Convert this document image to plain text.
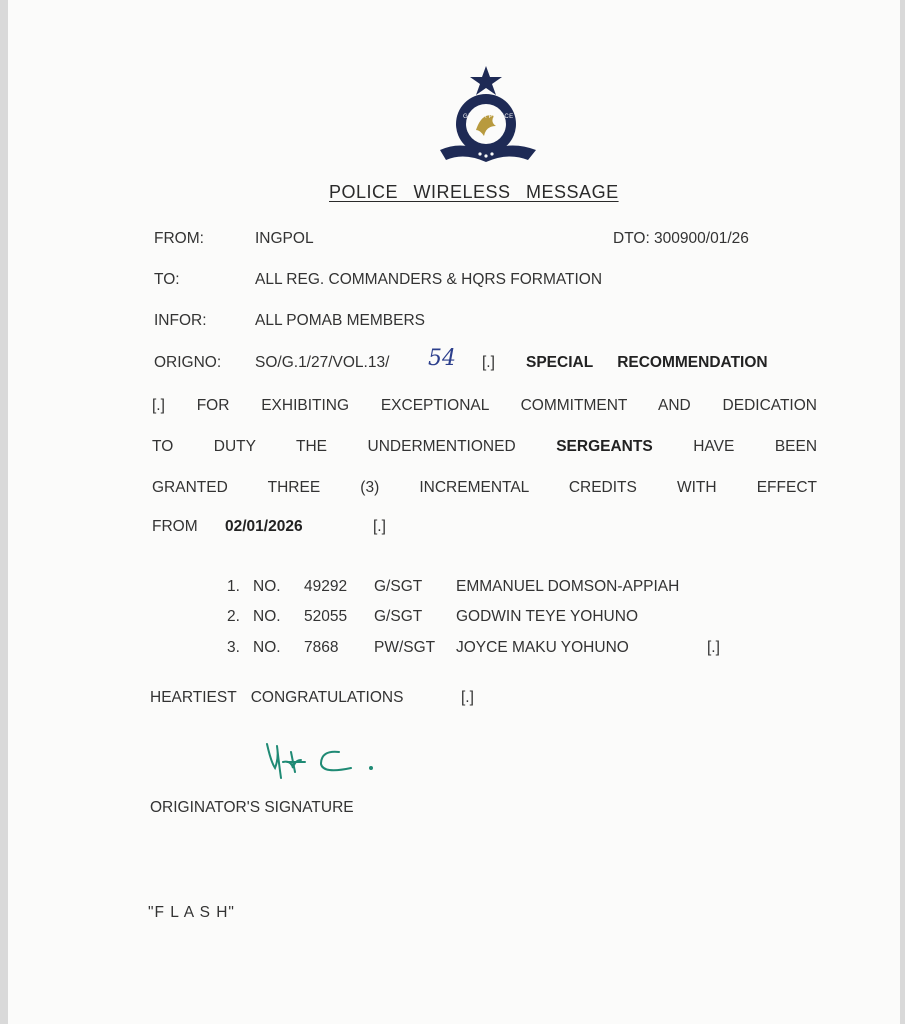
GHANA POLICE
POLICE WIRELESS MESSAGE
FROM:	INGPOL	DTO: 300900/01/26
TO:	ALL REG. COMMANDERS & HQRS FORMATION
INFOR:	ALL POMAB MEMBERS
ORIGNO: SO/G.1/27/VOL.13/ 54 [.] SPECIAL RECOMMENDATION
[.] FOR EXHIBITING EXCEPTIONAL COMMITMENT AND DEDICATION
TO	DUTY	THE	UNDERMENTIONED	SERGEANTS	HAVE	BEEN
GRANTED	THREE	(3)	INCREMENTAL	CREDITS	WITH	EFFECT
FROM 02/01/2026	[.]
1. NO. 49292 G/SGT EMMANUEL DOMSON-APPIAH
2. NO. 52055 G/SGT GODWIN TEYE YOHUNO
3. NO. 7868 PW/SGT JOYCE MAKU YOHUNO	[.]
HEARTIEST CONGRATULATIONS	[.]
ORIGINATOR'S SIGNATURE
"F L A S H"
